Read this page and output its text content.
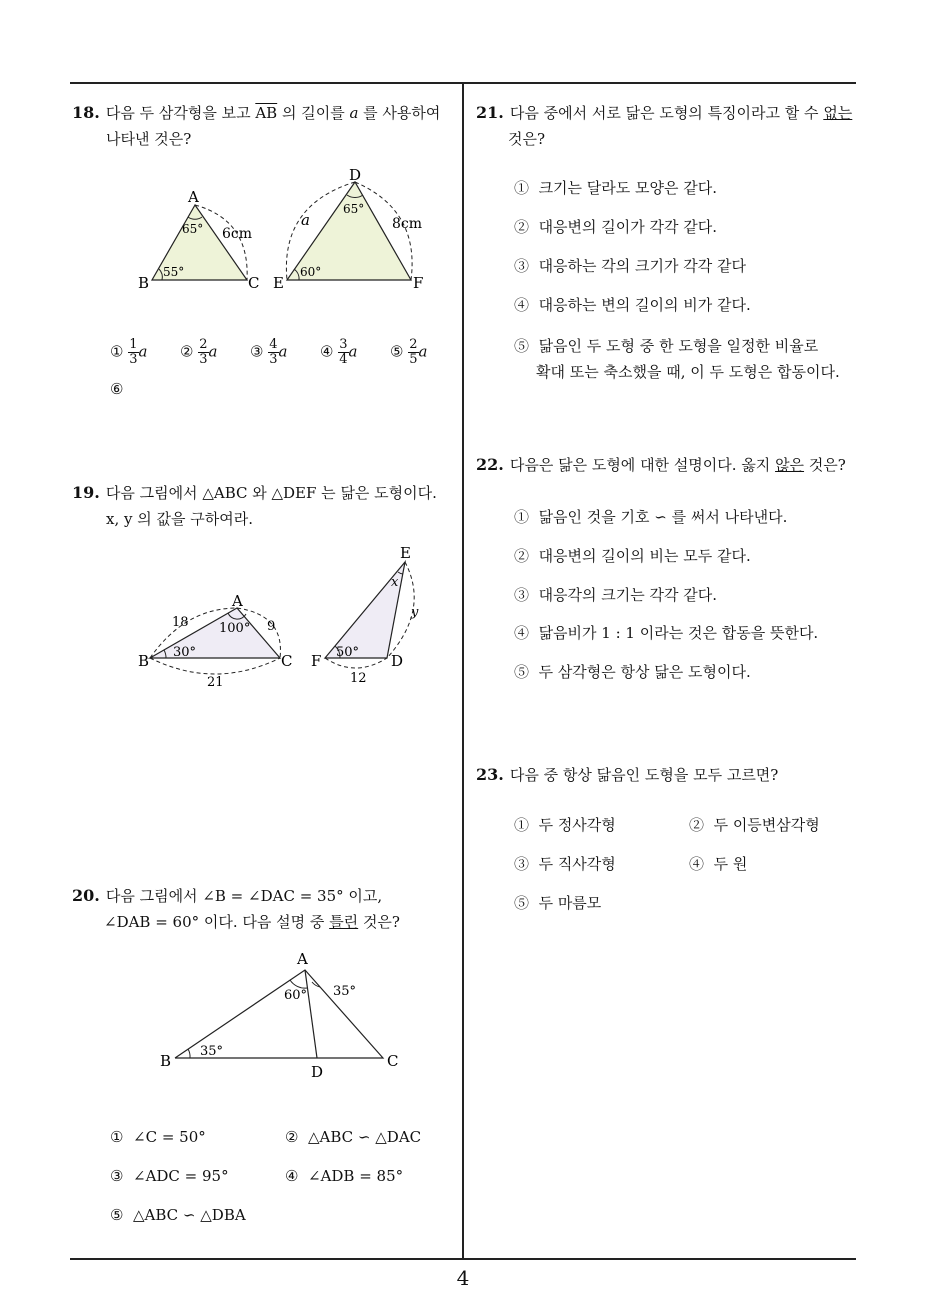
4
18. 다음 두 삼각형을 보고 $\overline{AB}$ 의 길이를 a 를 사용하여
나타낸 것은?
A
B	C
65°
55°
6cm
D
E	F
65°
60°
8cm
a
① $\frac{1}{3}$ a ② $\frac{2}{3}$ a ③ $\frac{4}{3}$ a ④ $\frac{3}{4}$ a ⑤ $\frac{2}{5}$ a
⑥
19. 다음 그림에서 △ABC 와 △DEF 는 닮은 도형이다.
x, y 의 값을 구하여라.
A
B	C
100°
30°
18	9
21
E
F	D
50°
12
x
y
20. 다음 그림에서 ∠B = ∠DAC = 35° 이고,
∠DAB = 60° 이다. 다음 설명 중 틀린 것은?
A
B	C
D
60° 35°
35°
① ∠C = 50°	② △ABC ∽ △DAC
③ ∠ADC = 95°	④ ∠ADB = 85°
⑤ △ABC ∽ △DBA
21. 다음 중에서 서로 닮은 도형의 특징이라고 할 수 없는
것은?
① 크기는 달라도 모양은 같다.
② 대응변의 길이가 각각 같다.
③ 대응하는 각의 크기가 각각 같다
④ 대응하는 변의 길이의 비가 같다.
⑤ 닮음인 두 도형 중 한 도형을 일정한 비율로
확대 또는 축소했을 때, 이 두 도형은 합동이다.
22. 다음은 닮은 도형에 대한 설명이다. 옳지 않은 것은?
① 닮음인 것을 기호 ∽ 를 써서 나타낸다.
② 대응변의 길이의 비는 모두 같다.
③ 대응각의 크기는 각각 같다.
④ 닮음비가 1 : 1 이라는 것은 합동을 뜻한다.
⑤ 두 삼각형은 항상 닮은 도형이다.
23. 다음 중 항상 닮음인 도형을 모두 고르면?
① 두 정사각형	② 두 이등변삼각형
③ 두 직사각형	④ 두 원
⑤ 두 마름모
